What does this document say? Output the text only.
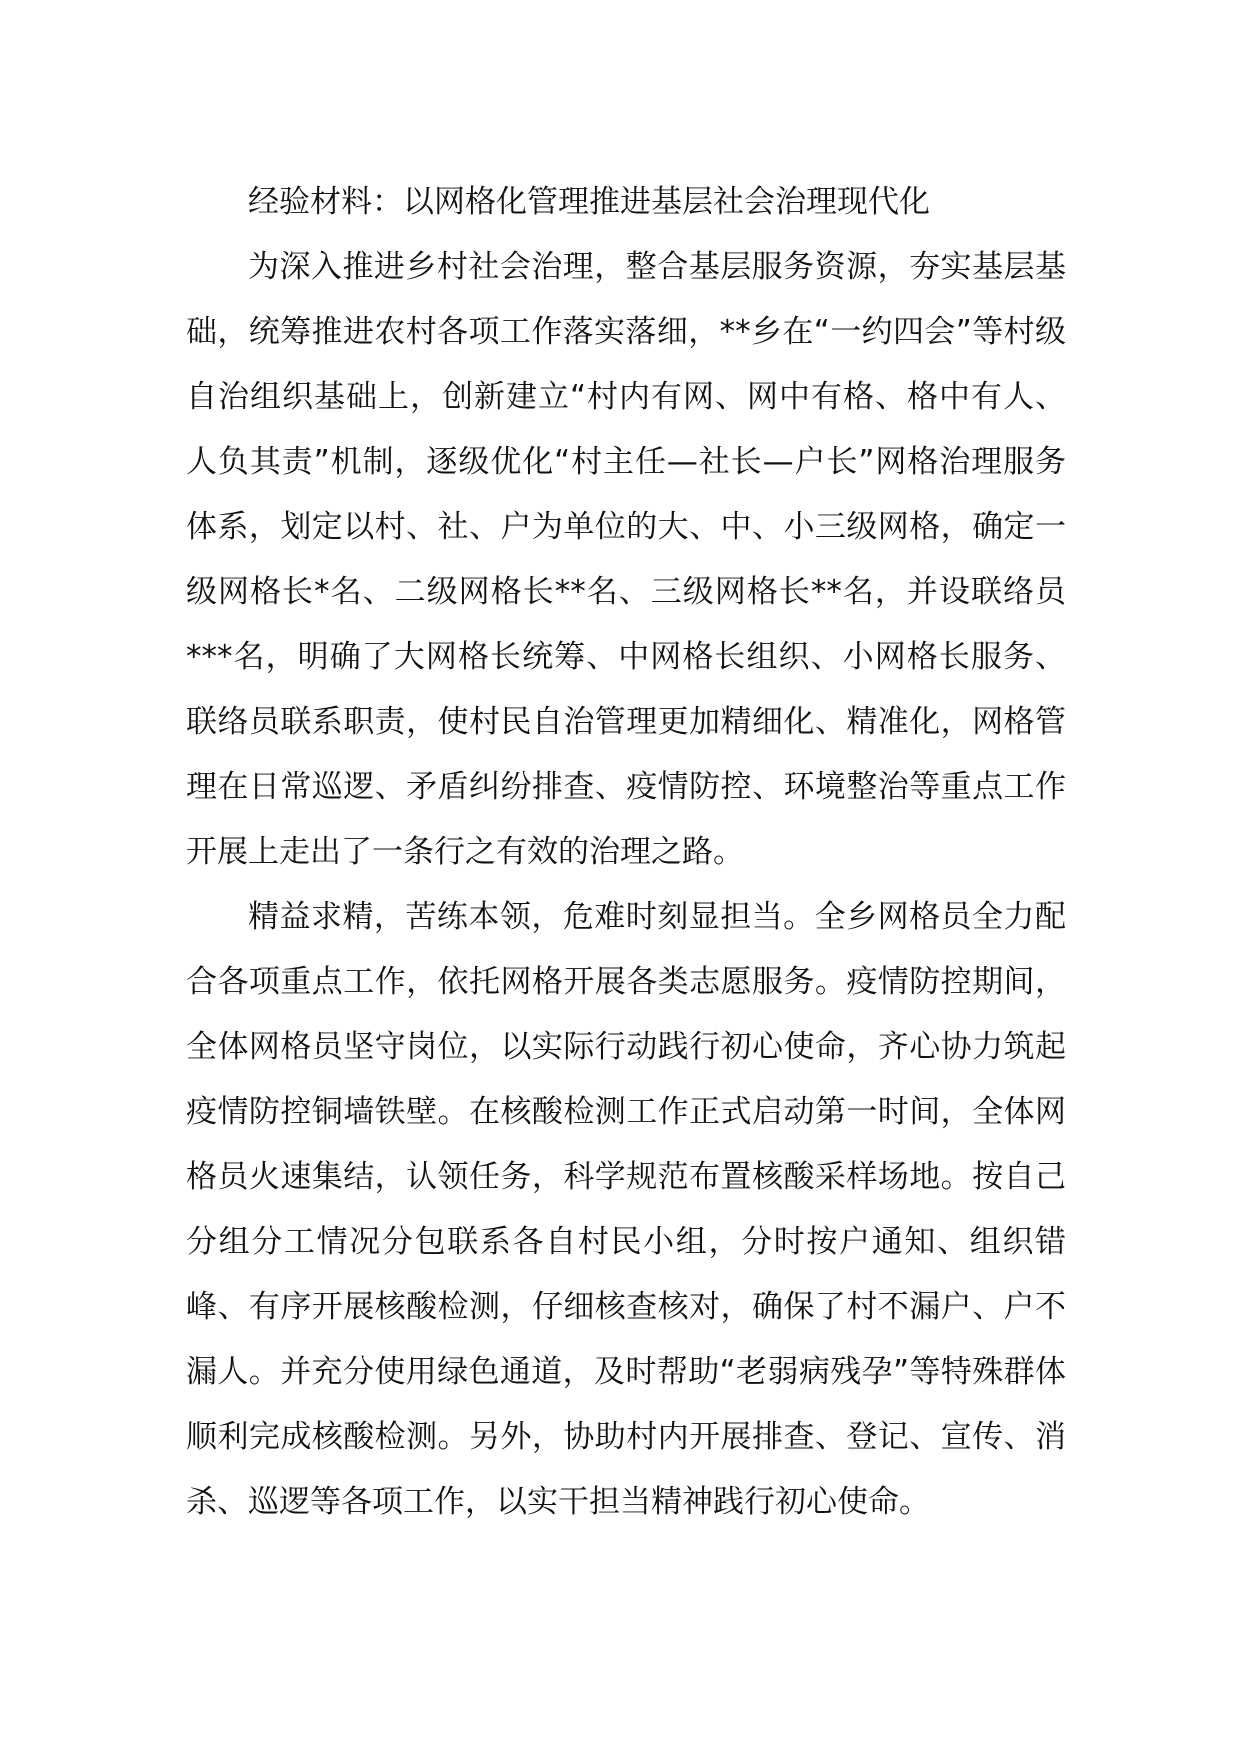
经验材料：以网格化管理推进基层社会治理现代化

为深入推进乡村社会治理，整合基层服务资源，夯实基层基础，统筹推进农村各项工作落实落细，**乡在“一约四会”等村级自治组织基础上，创新建立“村内有网、网中有格、格中有人、人负其责”机制，逐级优化“村主任—社长—户长”网格治理服务体系，划定以村、社、户为单位的大、中、小三级网格，确定一级网格长*名、二级网格长**名、三级网格长**名，并设联络员***名，明确了大网格长统筹、中网格长组织、小网格长服务、联络员联系职责，使村民自治管理更加精细化、精准化，网格管理在日常巡逻、矛盾纠纷排查、疫情防控、环境整治等重点工作开展上走出了一条行之有效的治理之路。

精益求精，苦练本领，危难时刻显担当。全乡网格员全力配合各项重点工作，依托网格开展各类志愿服务。疫情防控期间，全体网格员坚守岗位，以实际行动践行初心使命，齐心协力筑起疫情防控铜墙铁壁。在核酸检测工作正式启动第一时间，全体网格员火速集结，认领任务，科学规范布置核酸采样场地。按自己分组分工情况分包联系各自村民小组，分时按户通知、组织错峰、有序开展核酸检测，仔细核查核对，确保了村不漏户、户不漏人。并充分使用绿色通道，及时帮助“老弱病残孕”等特殊群体顺利完成核酸检测。另外，协助村内开展排查、登记、宣传、消杀、巡逻等各项工作，以实干担当精神践行初心使命。
